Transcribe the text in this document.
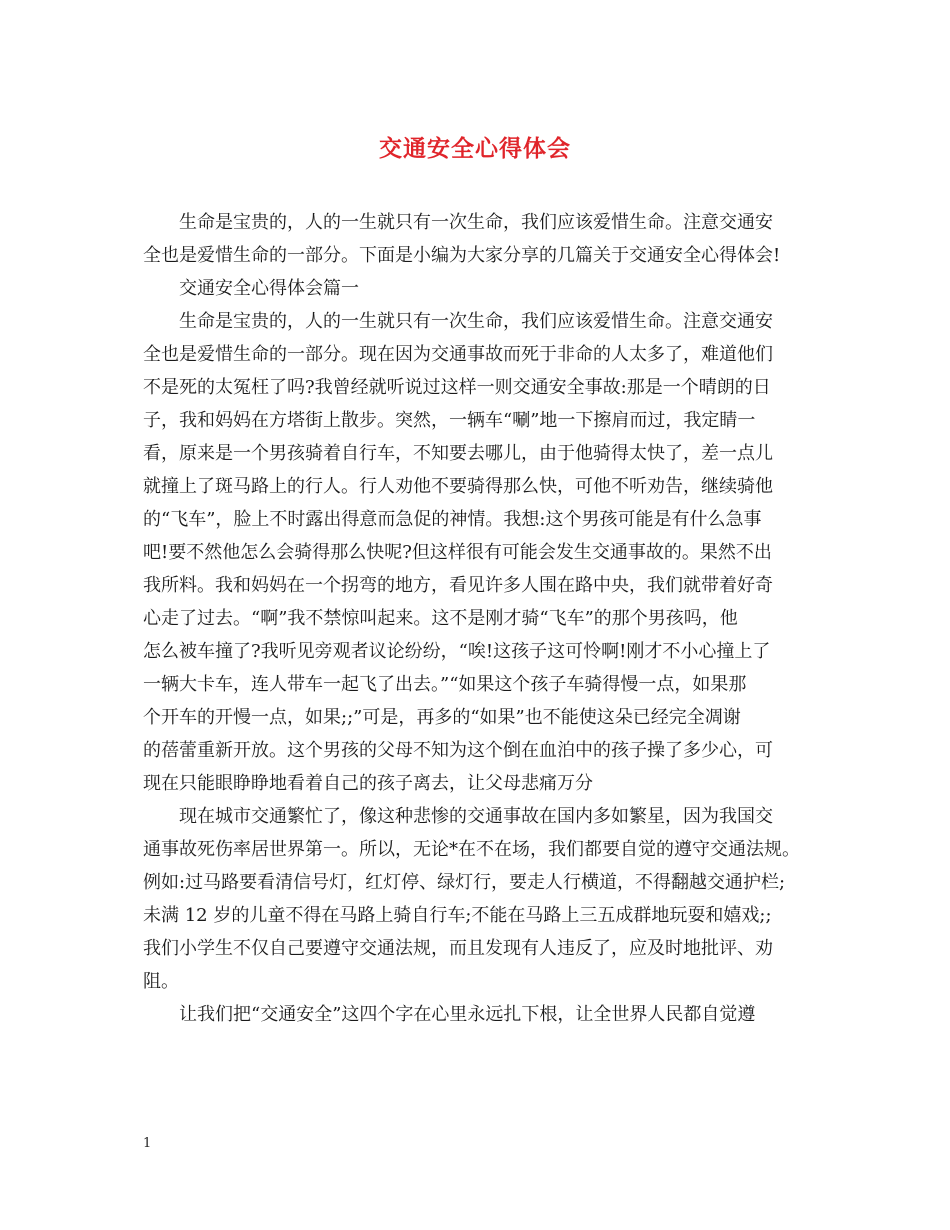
交通安全心得体会
生命是宝贵的，人的一生就只有一次生命，我们应该爱惜生命。注意交通安
全也是爱惜生命的一部分。下面是小编为大家分享的几篇关于交通安全心得体会!
交通安全心得体会篇一
生命是宝贵的，人的一生就只有一次生命，我们应该爱惜生命。注意交通安
全也是爱惜生命的一部分。现在因为交通事故而死于非命的人太多了，难道他们
不是死的太冤枉了吗?我曾经就听说过这样一则交通安全事故:那是一个晴朗的日
子，我和妈妈在方塔街上散步。突然，一辆车“唰”地一下擦肩而过，我定睛一
看，原来是一个男孩骑着自行车，不知要去哪儿，由于他骑得太快了，差一点儿
就撞上了斑马路上的行人。行人劝他不要骑得那么快，可他不听劝告，继续骑他
的“飞车”，脸上不时露出得意而急促的神情。我想:这个男孩可能是有什么急事
吧!要不然他怎么会骑得那么快呢?但这样很有可能会发生交通事故的。果然不出
我所料。我和妈妈在一个拐弯的地方，看见许多人围在路中央，我们就带着好奇
心走了过去。“啊”我不禁惊叫起来。这不是刚才骑“飞车”的那个男孩吗，他
怎么被车撞了?我听见旁观者议论纷纷，“唉!这孩子这可怜啊!刚才不小心撞上了
一辆大卡车，连人带车一起飞了出去。”“如果这个孩子车骑得慢一点，如果那
个开车的开慢一点，如果;;”可是，再多的“如果”也不能使这朵已经完全凋谢
的蓓蕾重新开放。这个男孩的父母不知为这个倒在血泊中的孩子操了多少心，可
现在只能眼睁睁地看着自己的孩子离去，让父母悲痛万分
现在城市交通繁忙了，像这种悲惨的交通事故在国内多如繁星，因为我国交
通事故死伤率居世界第一。所以，无论*在不在场，我们都要自觉的遵守交通法规。
例如:过马路要看清信号灯，红灯停、绿灯行，要走人行横道，不得翻越交通护栏;
未满 12 岁的儿童不得在马路上骑自行车;不能在马路上三五成群地玩耍和嬉戏;;
我们小学生不仅自己要遵守交通法规，而且发现有人违反了，应及时地批评、劝
阻。
让我们把“交通安全”这四个字在心里永远扎下根，让全世界人民都自觉遵
1
